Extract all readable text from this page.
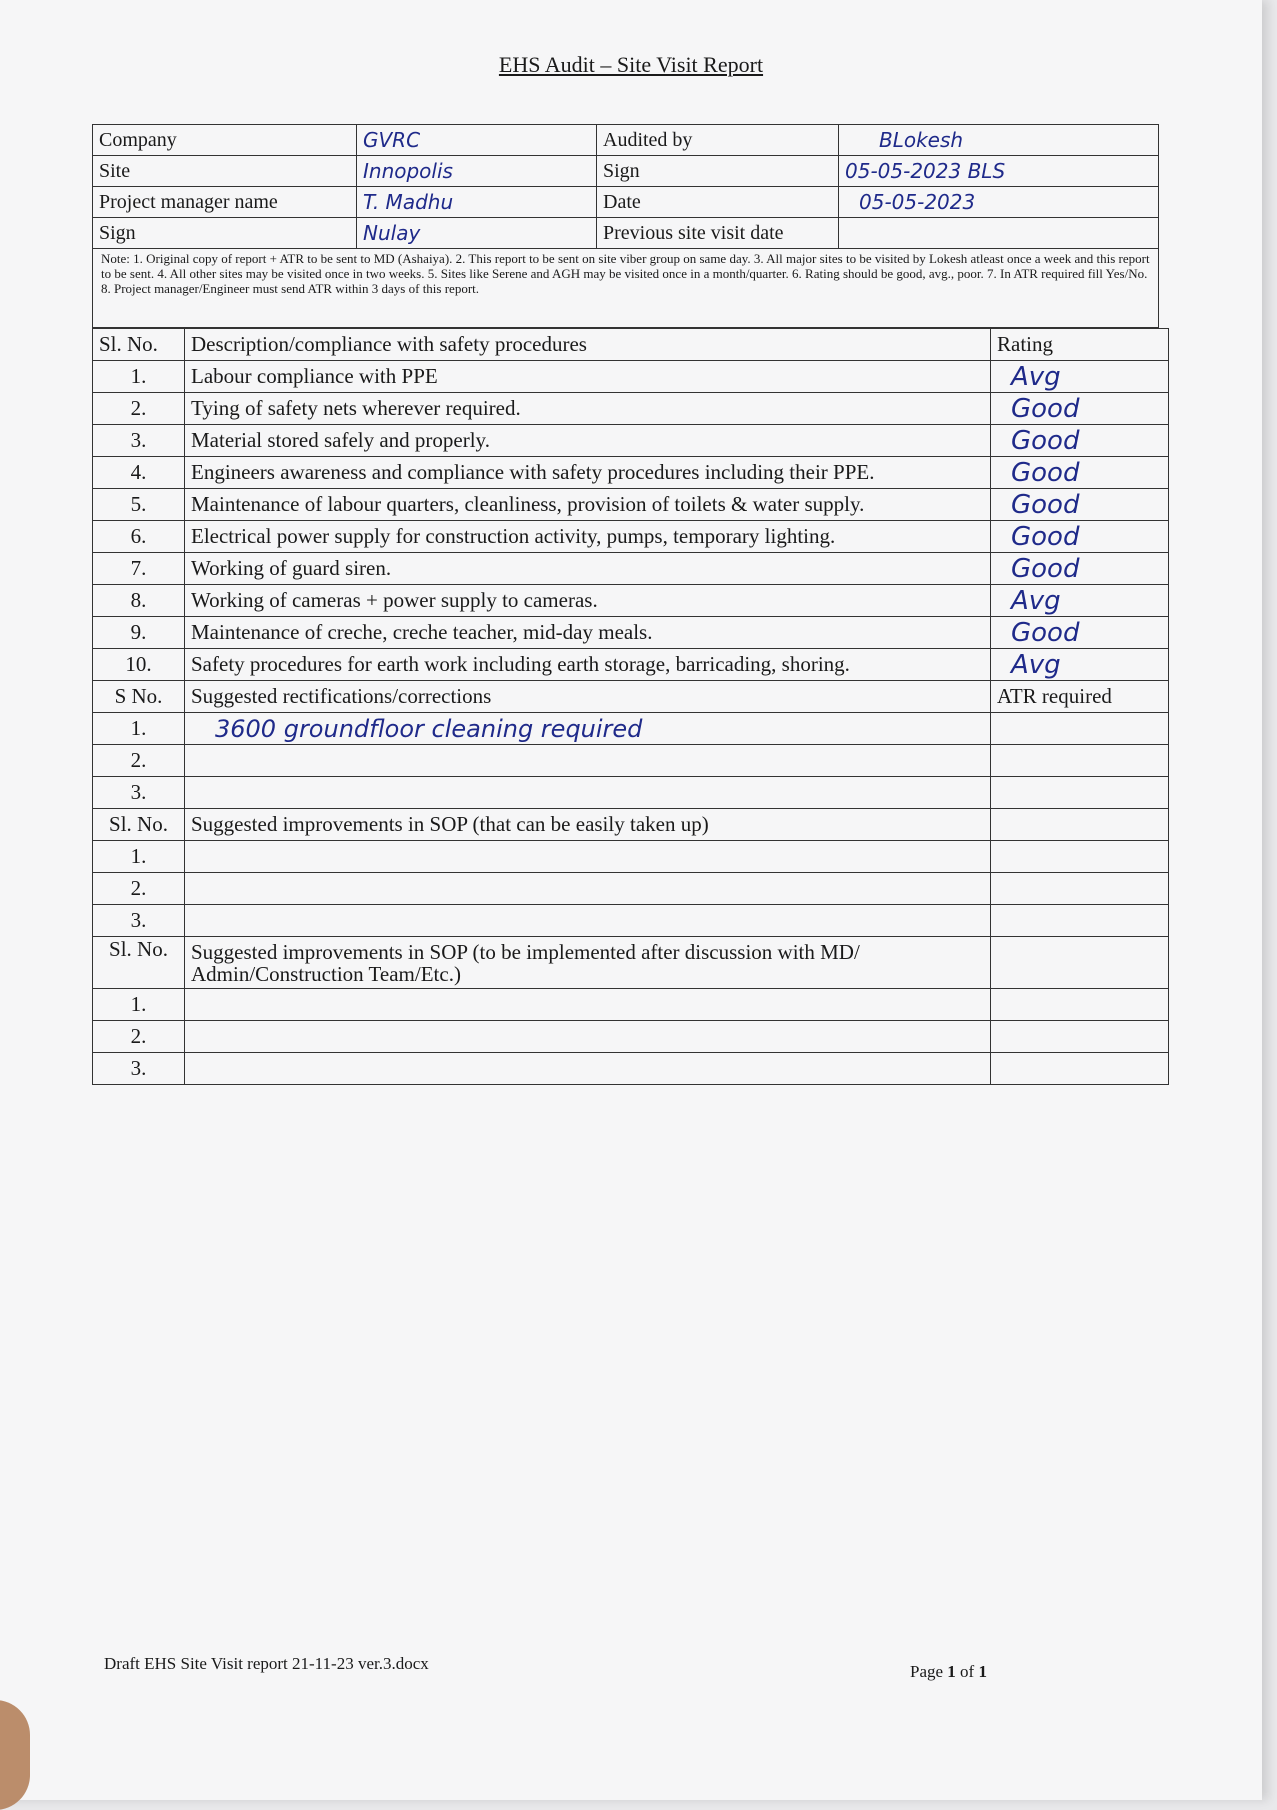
EHS Audit – Site Visit Report
Company	GVRC	Audited by	BLokesh
Site	Innopolis	Sign	05-05-2023 BLS
Project manager name	T. Madhu	Date	05-05-2023
Sign	Nulay	Previous site visit date	
Note: 1. Original copy of report + ATR to be sent to MD (Ashaiya). 2. This report to be sent on site viber group on same day. 3. All major sites to be visited by Lokesh atleast once a week and this report to be sent. 4. All other sites may be visited once in two weeks. 5. Sites like Serene and AGH may be visited once in a month/quarter. 6. Rating should be good, avg., poor. 7. In ATR required fill Yes/No. 8. Project manager/Engineer must send ATR within 3 days of this report.			
Sl. No.	Description/compliance with safety procedures	Rating
1.	Labour compliance with PPE	Avg
2.	Tying of safety nets wherever required.	Good
3.	Material stored safely and properly.	Good
4.	Engineers awareness and compliance with safety procedures including their PPE.	Good
5.	Maintenance of labour quarters, cleanliness, provision of toilets & water supply.	Good
6.	Electrical power supply for construction activity, pumps, temporary lighting.	Good
7.	Working of guard siren.	Good
8.	Working of cameras + power supply to cameras.	Avg
9.	Maintenance of creche, creche teacher, mid-day meals.	Good
10.	Safety procedures for earth work including earth storage, barricading, shoring.	Avg
S No.	Suggested rectifications/corrections	ATR required
1.	3600 groundfloor cleaning required	
2.		
3.		
Sl. No.	Suggested improvements in SOP (that can be easily taken up)	
1.		
2.		
3.		
Sl. No.	Suggested improvements in SOP (to be implemented after discussion with MD/ Admin/Construction Team/Etc.)	
1.		
2.		
3.		
Draft EHS Site Visit report 21-11-23 ver.3.docx	Page 1 of 1
